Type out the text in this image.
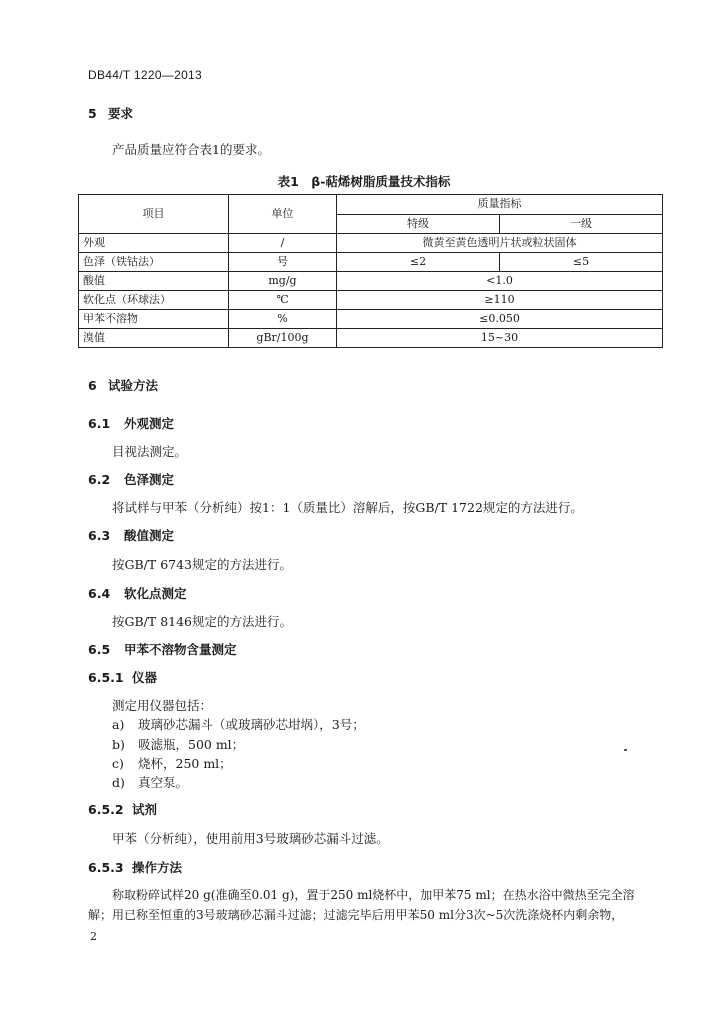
DB44/T 1220—2013
5 要求
产品质量应符合表1的要求。
表1　β-萜烯树脂质量技术指标
项目	单位	质量指标	
		特级	一级
外观	/	微黄至黄色透明片状或粒状固体	
色泽（铁钴法）	号	≤2	≤5
酸值	mg/g	<1.0	
软化点（环球法）	℃	≥110	
甲苯不溶物	%	≤0.050	
溴值	gBr/100g	15~30	
6 试验方法
6.1 外观测定
目视法测定。
6.2 色泽测定
将试样与甲苯（分析纯）按1：1（质量比）溶解后，按GB/T 1722规定的方法进行。
6.3 酸值测定
按GB/T 6743规定的方法进行。
6.4 软化点测定
按GB/T 8146规定的方法进行。
6.5 甲苯不溶物含量测定
6.5.1 仪器
测定用仪器包括：
a) 玻璃砂芯漏斗（或玻璃砂芯坩埚），3号；
b) 吸滤瓶，500 ml；
c) 烧杯，250 ml；
d) 真空泵。
6.5.2 试剂
甲苯（分析纯），使用前用3号玻璃砂芯漏斗过滤。
6.5.3 操作方法
称取粉碎试样20 g(准确至0.01 g)，置于250 ml烧杯中，加甲苯75 ml；在热水浴中微热至完全溶
解；用已称至恒重的3号玻璃砂芯漏斗过滤；过滤完毕后用甲苯50 ml分3次~5次洗涤烧杯内剩余物，
2
